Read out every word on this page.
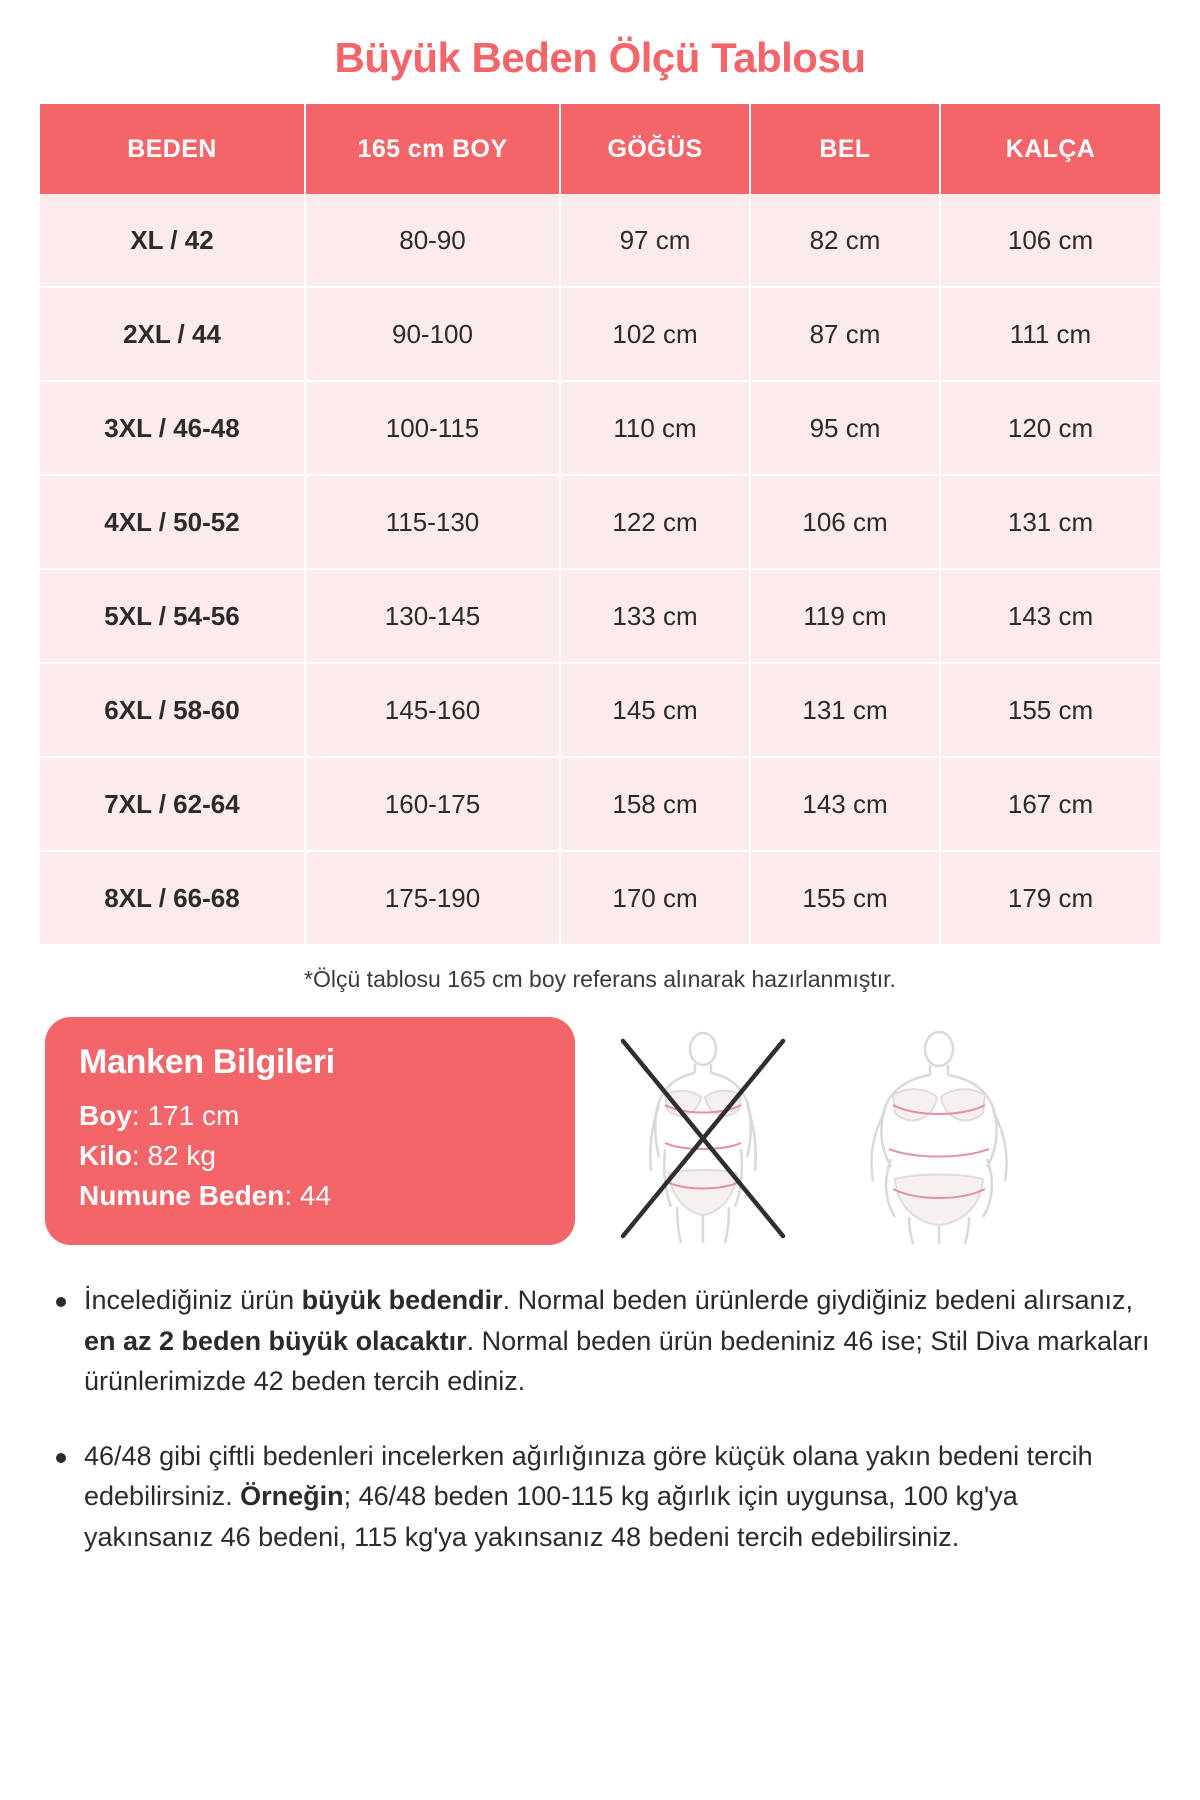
Büyük Beden Ölçü Tablosu
BEDEN	165 cm BOY	GÖĞÜS	BEL	KALÇA
XL / 42	80-90	97 cm	82 cm	106 cm
2XL / 44	90-100	102 cm	87 cm	111 cm
3XL / 46-48	100-115	110 cm	95 cm	120 cm
4XL / 50-52	115-130	122 cm	106 cm	131 cm
5XL / 54-56	130-145	133 cm	119 cm	143 cm
6XL / 58-60	145-160	145 cm	131 cm	155 cm
7XL / 62-64	160-175	158 cm	143 cm	167 cm
8XL / 66-68	175-190	170 cm	155 cm	179 cm
*Ölçü tablosu 165 cm boy referans alınarak hazırlanmıştır.
Manken Bilgileri
Boy: 171 cm
Kilo: 82 kg
Numune Beden: 44
İncelediğiniz ürün büyük bedendir. Normal beden ürünlerde giydiğiniz bedeni alırsanız, en az 2 beden büyük olacaktır. Normal beden ürün bedeniniz 46 ise; Stil Diva markaları ürünlerimizde 42 beden tercih ediniz.
46/48 gibi çiftli bedenleri incelerken ağırlığınıza göre küçük olana yakın bedeni tercih edebilirsiniz. Örneğin; 46/48 beden 100-115 kg ağırlık için uygunsa, 100 kg'ya yakınsanız 46 bedeni, 115 kg'ya yakınsanız 48 bedeni tercih edebilirsiniz.
